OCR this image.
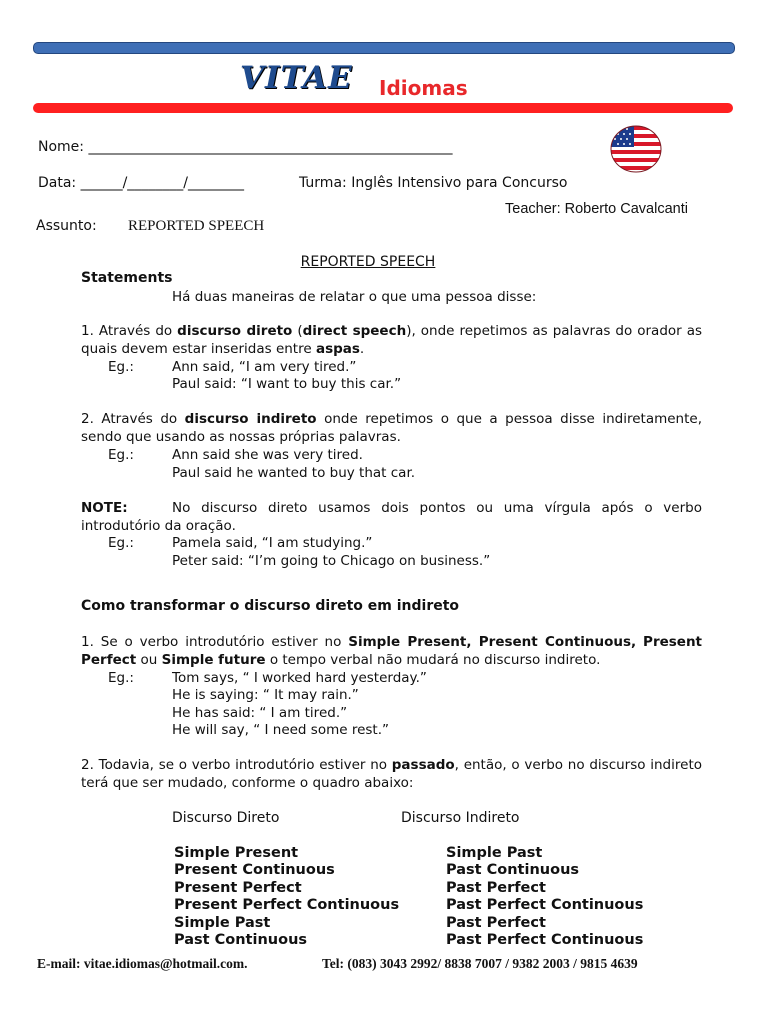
VITAE Idiomas
Nome: ____________________________________________________
Data: ______/________/________	Turma: Inglês Intensivo para Concurso
Teacher: Roberto Cavalcanti
Assunto: REPORTED SPEECH
REPORTED SPEECH
Statements
Há duas maneiras de relatar o que uma pessoa disse:
1. Através do discurso direto (direct speech), onde repetimos as palavras do orador as quais devem estar inseridas entre aspas.
Eg.:	Ann said, “I am very tired.”
Paul said: “I want to buy this car.”
2. Através do discurso indireto onde repetimos o que a pessoa disse indiretamente, sendo que usando as nossas próprias palavras.
Eg.:	Ann said she was very tired.
Paul said he wanted to buy that car.
NOTE:	No discurso direto usamos dois pontos ou uma vírgula após o verbo introdutório da oração.
Eg.:	Pamela said, “I am studying.”
Peter said: “I’m going to Chicago on business.”
Como transformar o discurso direto em indireto
1. Se o verbo introdutório estiver no Simple Present, Present Continuous, Present Perfect ou Simple future o tempo verbal não mudará no discurso indireto.
Eg.:	Tom says, “ I worked hard yesterday.”
He is saying: “ It may rain.”
He has said: “ I am tired.”
He will say, “ I need some rest.”
2. Todavia, se o verbo introdutório estiver no passado, então, o verbo no discurso indireto terá que ser mudado, conforme o quadro abaixo:
Discurso Direto	Discurso Indireto
Simple Present	Simple Past
Present Continuous	Past Continuous
Present Perfect	Past Perfect
Present Perfect Continuous	Past Perfect Continuous
Simple Past	Past Perfect
Past Continuous	Past Perfect Continuous
E-mail: vitae.idiomas@hotmail.com.	Tel: (083) 3043 2992/ 8838 7007 / 9382 2003 / 9815 4639
